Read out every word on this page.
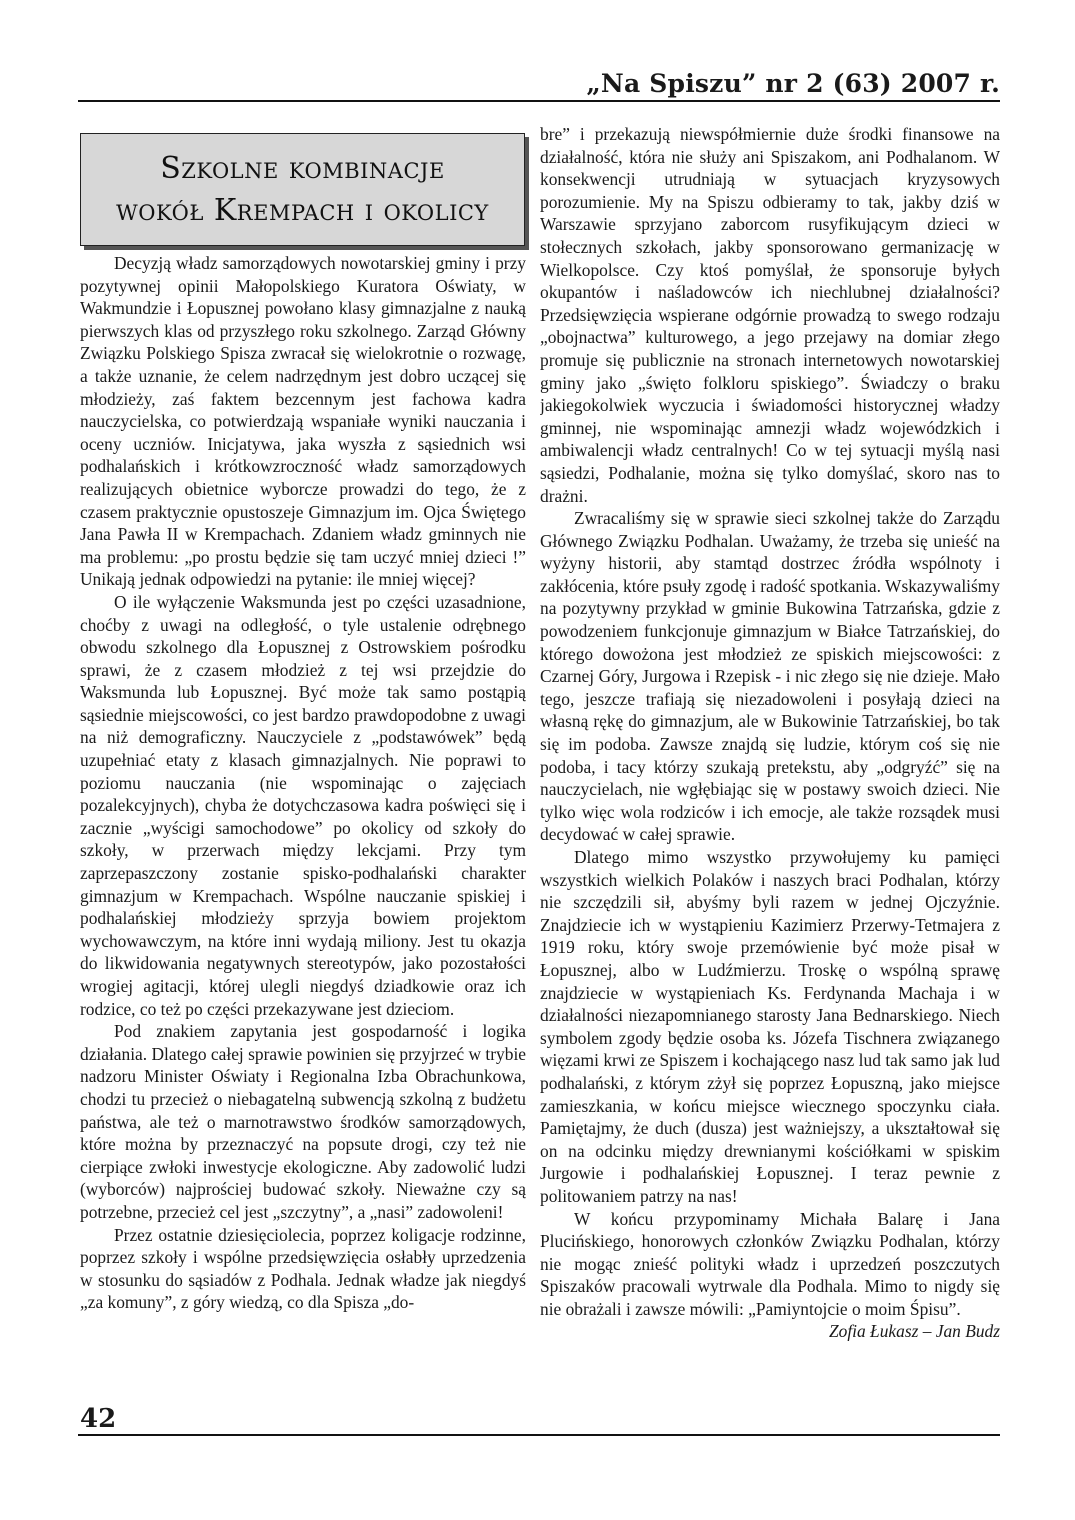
„Na Spiszu” nr 2 (63) 2007 r.
Szkolne kombinacje
wokół Krempach i okolicy

Decyzją władz samorządowych nowotarskiej gminy i przy pozytywnej opinii Małopolskiego Kuratora Oświaty, w Wakmundzie i Łopusznej powołano klasy gimnazjalne z nauką pierwszych klas od przyszłego roku szkolnego. Zarząd Główny Związku Polskiego Spisza zwracał się wielokrotnie o rozwagę, a także uznanie, że celem nadrzędnym jest dobro uczącej się młodzieży, zaś faktem bezcennym jest fachowa kadra nauczycielska, co potwierdzają wspaniałe wyniki nauczania i oceny uczniów. Inicjatywa, jaka wyszła z sąsiednich wsi podhalańskich i krótkowzroczność władz samorządowych realizujących obietnice wyborcze prowadzi do tego, że z czasem praktycznie opustoszeje Gimnazjum im. Ojca Świętego Jana Pawła II w Krempachach. Zdaniem władz gminnych nie ma problemu: „po prostu będzie się tam uczyć mniej dzieci !” Unikają jednak odpowiedzi na pytanie: ile mniej więcej?

O ile wyłączenie Waksmunda jest po części uzasadnione, choćby z uwagi na odległość, o tyle ustalenie odrębnego obwodu szkolnego dla Łopusznej z Ostrowskiem pośrodku sprawi, że z czasem młodzież z tej wsi przejdzie do Waksmunda lub Łopusznej. Być może tak samo postąpią sąsiednie miejscowości, co jest bardzo prawdopodobne z uwagi na niż demograficzny. Nauczyciele z „podstawówek” będą uzupełniać etaty z klasach gimnazjalnych. Nie poprawi to poziomu nauczania (nie wspominając o zajęciach pozalekcyjnych), chyba że dotychczasowa kadra poświęci się i zacznie „wyścigi samochodowe” po okolicy od szkoły do szkoły, w przerwach między lekcjami. Przy tym zaprzepaszczony zostanie spisko-podhalański charakter gimnazjum w Krempachach. Wspólne nauczanie spiskiej i podhalańskiej młodzieży sprzyja bowiem projektom wychowawczym, na które inni wydają miliony. Jest tu okazja do likwidowania negatywnych stereotypów, jako pozostałości wrogiej agitacji, której ulegli niegdyś dziadkowie oraz ich rodzice, co też po części przekazywane jest dzieciom.

Pod znakiem zapytania jest gospodarność i logika działania. Dlatego całej sprawie powinien się przyjrzeć w trybie nadzoru Minister Oświaty i Regionalna Izba Obrachunkowa, chodzi tu przecież o niebagatelną subwencją szkolną z budżetu państwa, ale też o marnotrawstwo środków samorządowych, które można by przeznaczyć na popsute drogi, czy też nie cierpiące zwłoki inwestycje ekologiczne. Aby zadowolić ludzi (wyborców) najprościej budować szkoły. Nieważne czy są potrzebne, przecież cel jest „szczytny”, a „nasi” zadowoleni!

Przez ostatnie dziesięciolecia, poprzez koligacje rodzinne, poprzez szkoły i wspólne przedsięwzięcia osłabły uprzedzenia w stosunku do sąsiadów z Podhala. Jednak władze jak niegdyś „za komuny”, z góry wiedzą, co dla Spisza „do-

bre” i przekazują niewspółmiernie duże środki finansowe na działalność, która nie służy ani Spiszakom, ani Podhalanom. W konsekwencji utrudniają w sytuacjach kryzysowych porozumienie. My na Spiszu odbieramy to tak, jakby dziś w Warszawie sprzyjano zaborcom rusyfikującym dzieci w stołecznych szkołach, jakby sponsorowano germanizację w Wielkopolsce. Czy ktoś pomyślał, że sponsoruje byłych okupantów i naśladowców ich niechlubnej działalności? Przedsięwzięcia wspierane odgórnie prowadzą to swego rodzaju „obojnactwa” kulturowego, a jego przejawy na domiar złego promuje się publicznie na stronach internetowych nowotarskiej gminy jako „święto folkloru spiskiego”. Świadczy o braku jakiegokolwiek wyczucia i świadomości historycznej władzy gminnej, nie wspominając amnezji władz wojewódzkich i ambiwalencji władz centralnych! Co w tej sytuacji myślą nasi sąsiedzi, Podhalanie, można się tylko domyślać, skoro nas to drażni.

Zwracaliśmy się w sprawie sieci szkolnej także do Zarządu Głównego Związku Podhalan. Uważamy, że trzeba się unieść na wyżyny historii, aby stamtąd dostrzec źródła wspólnoty i zakłócenia, które psuły zgodę i radość spotkania. Wskazywaliśmy na pozytywny przykład w gminie Bukowina Tatrzańska, gdzie z powodzeniem funkcjonuje gimnazjum w Białce Tatrzańskiej, do którego dowożona jest młodzież ze spiskich miejscowości: z Czarnej Góry, Jurgowa i Rzepisk - i nic złego się nie dzieje. Mało tego, jeszcze trafiają się niezadowoleni i posyłają dzieci na własną rękę do gimnazjum, ale w Bukowinie Tatrzańskiej, bo tak się im podoba. Zawsze znajdą się ludzie, którym coś się nie podoba, i tacy którzy szukają pretekstu, aby „odgryźć” się na nauczycielach, nie wgłębiając się w postawy swoich dzieci. Nie tylko więc wola rodziców i ich emocje, ale także rozsądek musi decydować w całej sprawie.

Dlatego mimo wszystko przywołujemy ku pamięci wszystkich wielkich Polaków i naszych braci Podhalan, którzy nie szczędzili sił, abyśmy byli razem w jednej Ojczyźnie. Znajdziecie ich w wystąpieniu Kazimierz Przerwy-Tetmajera z 1919 roku, który swoje przemówienie być może pisał w Łopusznej, albo w Ludźmierzu. Troskę o wspólną sprawę znajdziecie w wystąpieniach Ks. Ferdynanda Machaja i w działalności niezapomnianego starosty Jana Bednarskiego. Niech symbolem zgody będzie osoba ks. Józefa Tischnera związanego więzami krwi ze Spiszem i kochającego nasz lud tak samo jak lud podhalański, z którym zżył się poprzez Łopuszną, jako miejsce zamieszkania, w końcu miejsce wiecznego spoczynku ciała. Pamiętajmy, że duch (dusza) jest ważniejszy, a ukształtował się on na odcinku między drewnianymi kościółkami w spiskim Jurgowie i podhalańskiej Łopusznej. I teraz pewnie z politowaniem patrzy na nas!

W końcu przypominamy Michała Balarę i Jana Plucińskiego, honorowych członków Związku Podhalan, którzy nie mogąc znieść polityki władz i uprzedzeń poszczutych Spiszaków pracowali wytrwale dla Podhala. Mimo to nigdy się nie obrażali i zawsze mówili: „Pamiyntojcie o moim Śpisu”.
Zofia Łukasz – Jan Budz

42
